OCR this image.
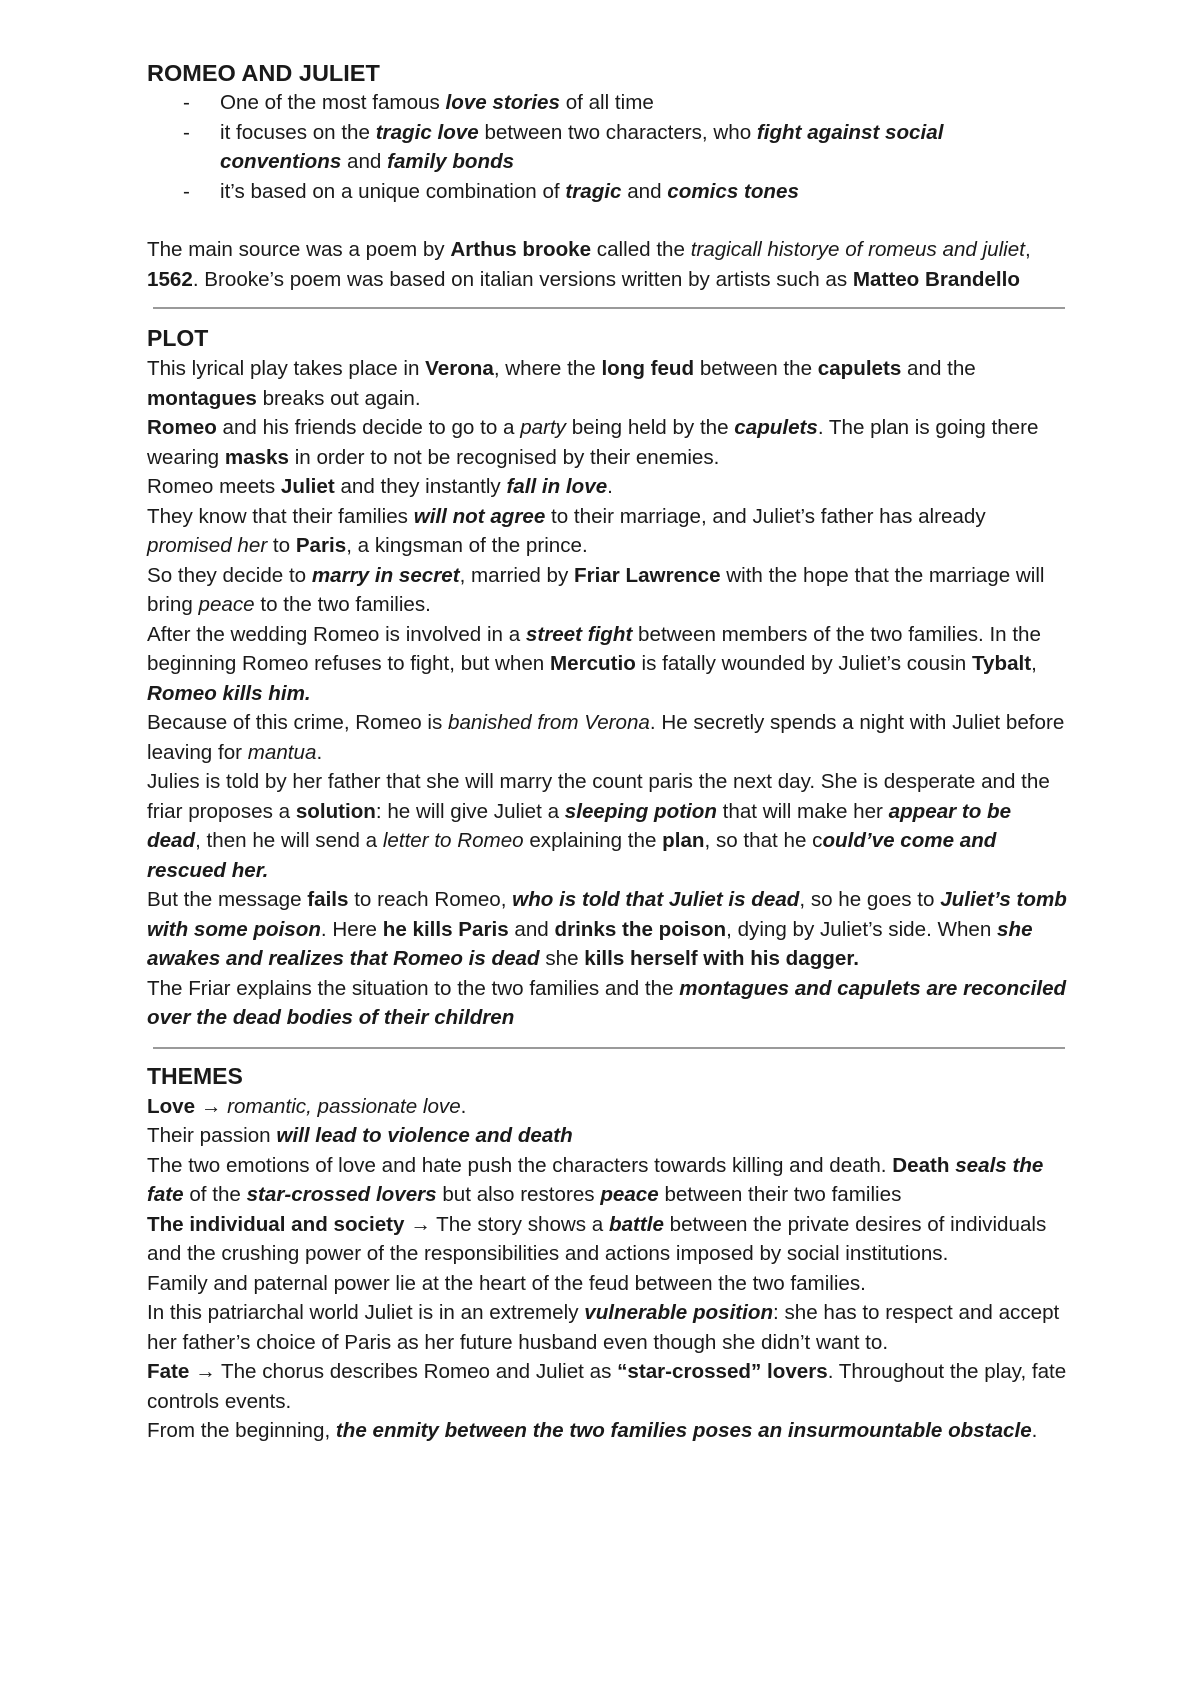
ROMEO AND JULIET
- One of the most famous love stories of all time
- it focuses on the tragic love between two characters, who fight against social conventions and family bonds
- it’s based on a unique combination of tragic and comics tones

The main source was a poem by Arthus brooke called the tragicall historye of romeus and juliet, 1562. Brooke’s poem was based on italian versions written by artists such as Matteo Brandello

PLOT

This lyrical play takes place in Verona, where the long feud between the capulets and the montagues breaks out again.

Romeo and his friends decide to go to a party being held by the capulets. The plan is going there wearing masks in order to not be recognised by their enemies.

Romeo meets Juliet and they instantly fall in love.

They know that their families will not agree to their marriage, and Juliet’s father has already promised her to Paris, a kingsman of the prince.

So they decide to marry in secret, married by Friar Lawrence with the hope that the marriage will bring peace to the two families.

After the wedding Romeo is involved in a street fight between members of the two families. In the beginning Romeo refuses to fight, but when Mercutio is fatally wounded by Juliet’s cousin Tybalt, Romeo kills him.

Because of this crime, Romeo is banished from Verona. He secretly spends a night with Juliet before leaving for mantua.

Julies is told by her father that she will marry the count paris the next day. She is desperate and the friar proposes a solution: he will give Juliet a sleeping potion that will make her appear to be dead, then he will send a letter to Romeo explaining the plan, so that he could’ve come and rescued her.

But the message fails to reach Romeo, who is told that Juliet is dead, so he goes to Juliet’s tomb with some poison. Here he kills Paris and drinks the poison, dying by Juliet’s side. When she awakes and realizes that Romeo is dead she kills herself with his dagger.

The Friar explains the situation to the two families and the montagues and capulets are reconciled over the dead bodies of their children

THEMES

Love → romantic, passionate love.

Their passion will lead to violence and death

The two emotions of love and hate push the characters towards killing and death. Death seals the fate of the star-crossed lovers but also restores peace between their two families

The individual and society → The story shows a battle between the private desires of individuals and the crushing power of the responsibilities and actions imposed by social institutions.

Family and paternal power lie at the heart of the feud between the two families.

In this patriarchal world Juliet is in an extremely vulnerable position: she has to respect and accept her father’s choice of Paris as her future husband even though she didn’t want to.

Fate → The chorus describes Romeo and Juliet as “star-crossed” lovers. Throughout the play, fate controls events.

From the beginning, the enmity between the two families poses an insurmountable obstacle.
